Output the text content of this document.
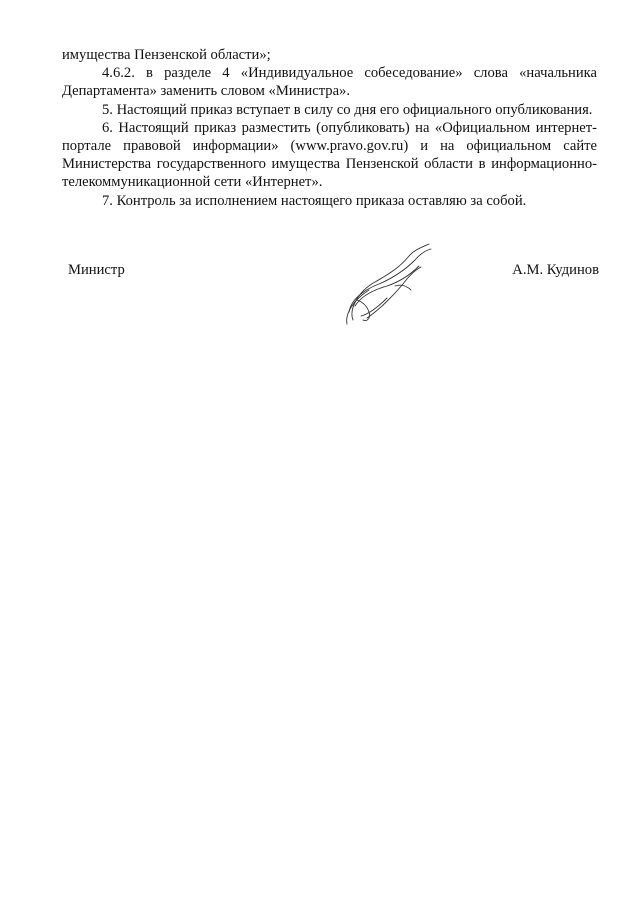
имущества Пензенской области»;

4.6.2. в разделе 4 «Индивидуальное собеседование» слова «начальника Департамента» заменить словом «Министра».

5. Настоящий приказ вступает в силу со дня его официального опубликования.

6. Настоящий приказ разместить (опубликовать) на «Официальном интернет-портале правовой информации» (www.pravo.gov.ru) и на официальном сайте Министерства государственного имущества Пензенской области в информационно-телекоммуникационной сети «Интернет».

7. Контроль за исполнением настоящего приказа оставляю за собой.

Министр	А.М. Кудинов
